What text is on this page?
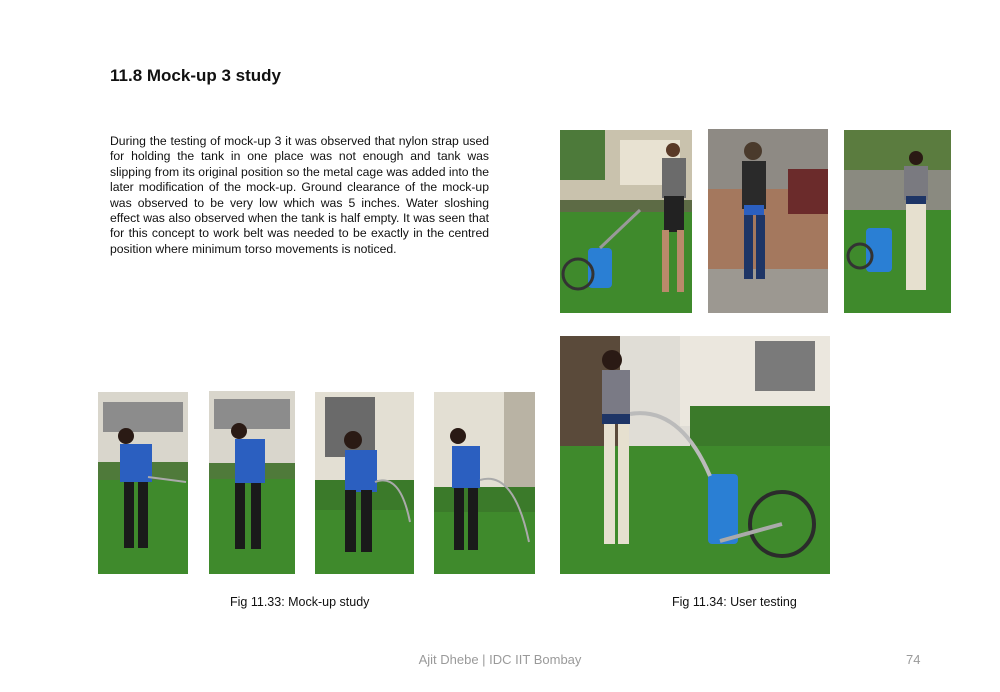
11.8 Mock-up 3 study
During the testing of mock-up 3 it was observed that nylon strap used for holding the tank in one place was not enough and tank was slipping from its original position so the metal cage was added into the later modification of the mock-up. Ground clearance of the mock-up was observed to be very low which was 5 inches. Water sloshing effect was also observed when the tank is half empty. It was seen that for this concept to work belt was needed to be exactly in the centred position where minimum torso movements is noticed.
Fig 11.33: Mock-up study	Fig 11.34: User testing
Ajit Dhebe | IDC IIT Bombay	74
